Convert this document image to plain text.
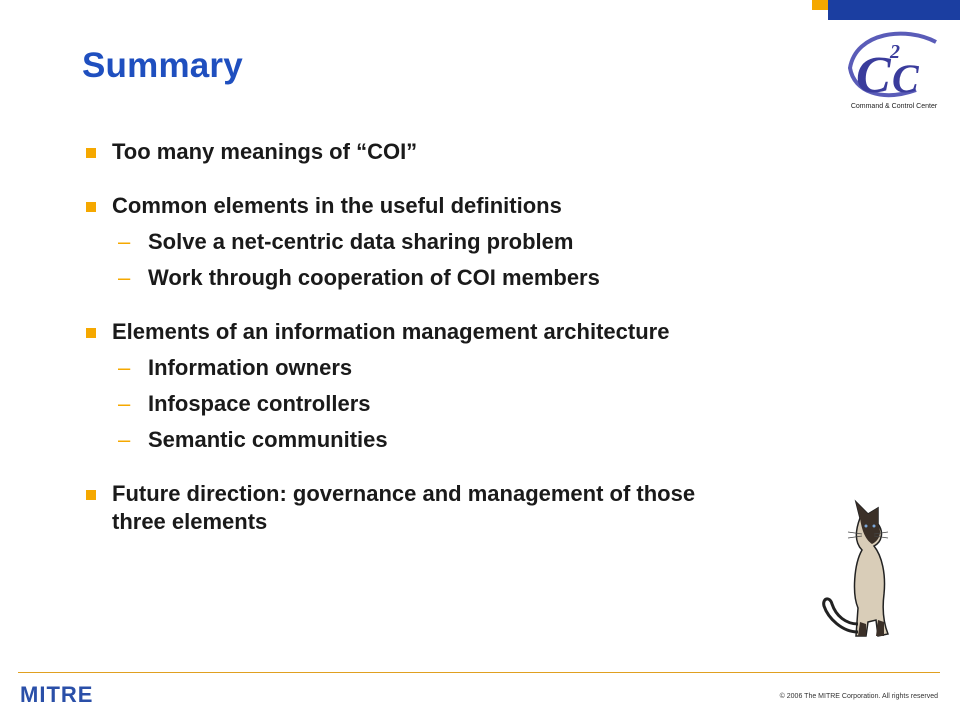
Summary	C C
2
Command & Control Center

Too many meanings of “COI”

Common elements in the useful definitions

– Solve a net-centric data sharing problem

– Work through cooperation of COI members

Elements of an information management architecture

– Information owners

– Infospace controllers

– Semantic communities

Future direction: governance and management of those three elements

MITRE	© 2006 The MITRE Corporation. All rights reserved
